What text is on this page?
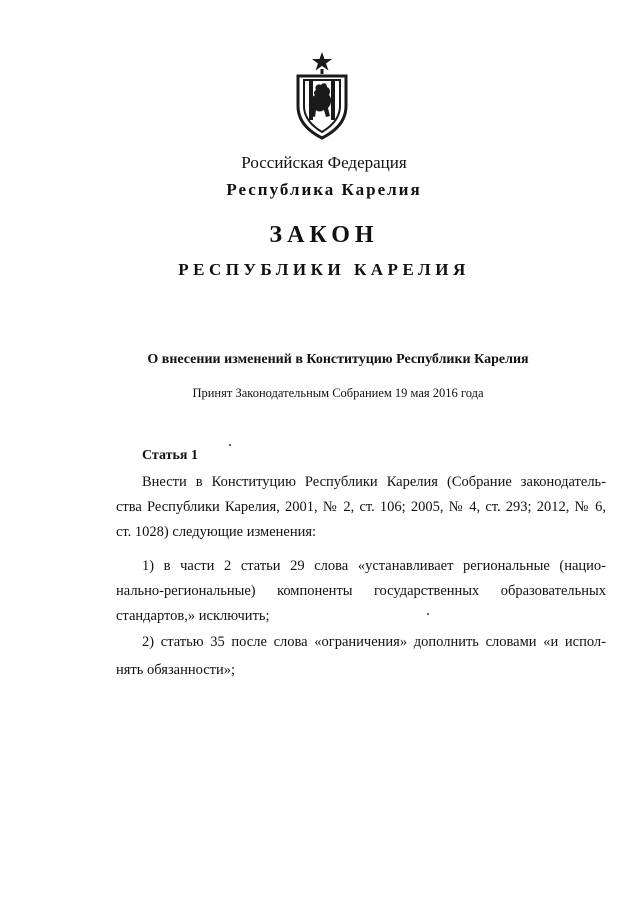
Российская Федерация
Республика Карелия
ЗАКОН
РЕСПУБЛИКИ КАРЕЛИЯ
О внесении изменений в Конституцию Республики Карелия
Принят Законодательным Собранием 19 мая 2016 года
Статья 1
Внести в Конституцию Республики Карелия (Собрание законодатель-
ства Республики Карелия, 2001, № 2, ст. 106; 2005, № 4, ст. 293; 2012, № 6,
ст. 1028) следующие изменения:
1) в части 2 статьи 29 слова «устанавливает региональные (нацио-
нально-региональные) компоненты государственных образовательных
стандартов,» исключить;
2) статью 35 после слова «ограничения» дополнить словами «и испол-
нять обязанности»;
